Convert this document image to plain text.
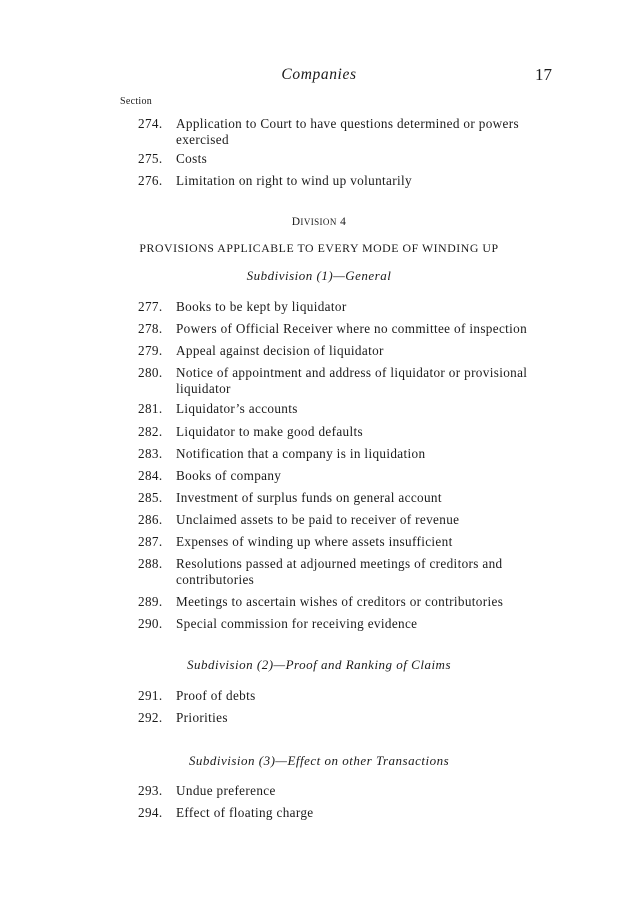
Companies	17
Section
274.	Application to Court to have questions determined or powers exercised
275.	Costs
276.	Limitation on right to wind up voluntarily
DIVISION 4
PROVISIONS APPLICABLE TO EVERY MODE OF WINDING UP
Subdivision (1)—General
277.	Books to be kept by liquidator
278.	Powers of Official Receiver where no committee of inspection
279.	Appeal against decision of liquidator
280.	Notice of appointment and address of liquidator or provisional liquidator
281.	Liquidator’s accounts
282.	Liquidator to make good defaults
283.	Notification that a company is in liquidation
284.	Books of company
285.	Investment of surplus funds on general account
286.	Unclaimed assets to be paid to receiver of revenue
287.	Expenses of winding up where assets insufficient
288.	Resolutions passed at adjourned meetings of creditors and contributories
289.	Meetings to ascertain wishes of creditors or contributories
290.	Special commission for receiving evidence
Subdivision (2)—Proof and Ranking of Claims
291.	Proof of debts
292.	Priorities
Subdivision (3)—Effect on other Transactions
293.	Undue preference
294.	Effect of floating charge
